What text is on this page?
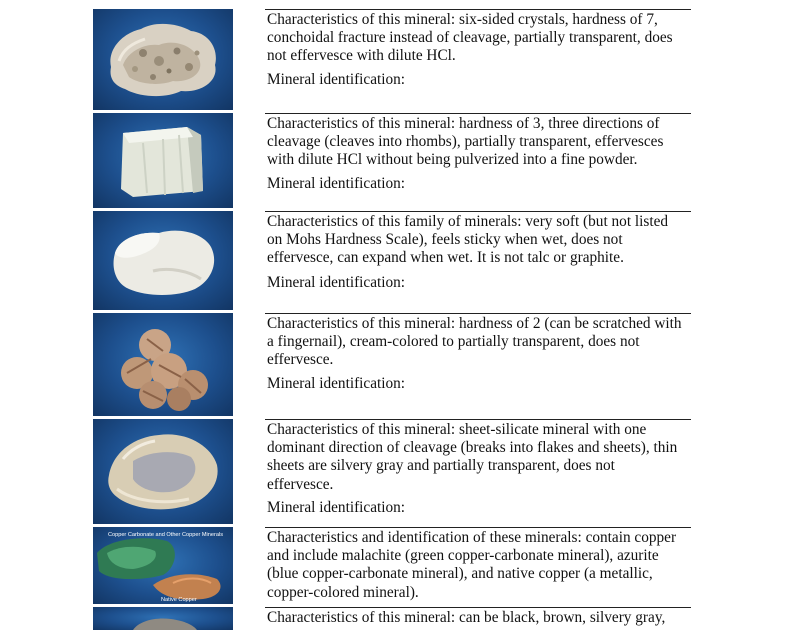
Characteristics of this mineral: six-sided crystals, hardness of 7, conchoidal fracture instead of cleavage, partially transparent, does not effervesce with dilute HCl.
Mineral identification:
Characteristics of this mineral: hardness of 3, three directions of cleavage (cleaves into rhombs), partially transparent, effervesces with dilute HCl without being pulverized into a fine powder.
Mineral identification:
Characteristics of this family of minerals: very soft (but not listed on Mohs Hardness Scale), feels sticky when wet, does not effervesce, can expand when wet. It is not talc or graphite.
Mineral identification:
Characteristics of this mineral: hardness of 2 (can be scratched with a fingernail), cream-colored to partially transparent, does not effervesce.
Mineral identification:
Characteristics of this mineral: sheet-silicate mineral with one dominant direction of cleavage (breaks into flakes and sheets), thin sheets are silvery gray and partially transparent, does not effervesce.
Mineral identification:
Copper Carbonate and Other Copper Minerals
Native Copper
Characteristics and identification of these minerals: contain copper and include malachite (green copper-carbonate mineral), azurite (blue copper-carbonate mineral), and native copper (a metallic, copper-colored mineral).
Characteristics of this mineral: can be black, brown, silvery gray,
